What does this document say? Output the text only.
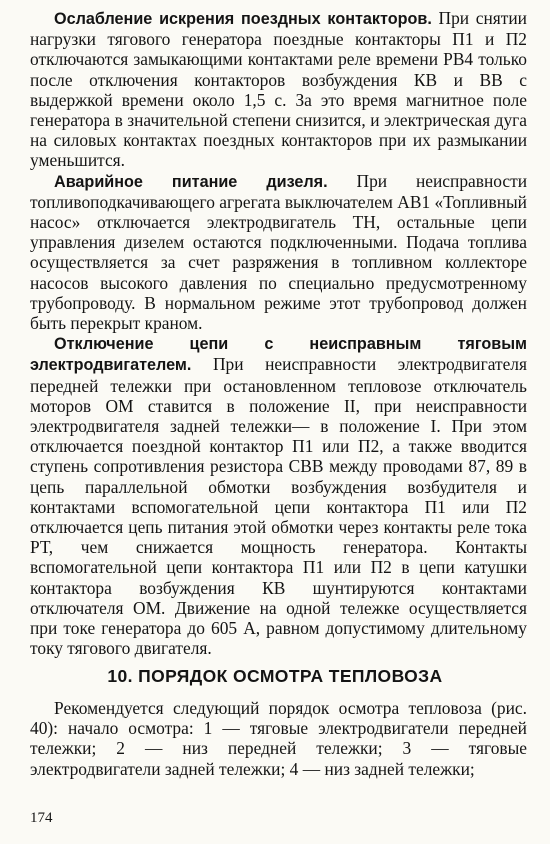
Ослабление искрения поездных контакторов. При снятии нагрузки тягового генератора поездные контакторы П1 и П2 отключаются замыкающими контактами реле времени РВ4 только после отключения контакторов возбуждения КВ и ВВ с выдержкой времени около 1,5 с. За это время магнитное поле генератора в значительной степени снизится, и электрическая дуга на силовых контактах поездных контакторов при их размыкании уменьшится.

Аварийное питание дизеля. При неисправности топливоподкачивающего агрегата выключателем АВ1 «Топливный насос» отключается электродвигатель ТН, остальные цепи управления дизелем остаются подключенными. Подача топлива осуществляется за счет разряжения в топливном коллекторе насосов высокого давления по специально предусмотренному трубопроводу. В нормальном режиме этот трубопровод должен быть перекрыт краном.

Отключение цепи с неисправным тяговым электродвигателем. При неисправности электродвигателя передней тележки при остановленном тепловозе отключатель моторов ОМ ставится в положение II, при неисправности электродвигателя задней тележки— в положение I. При этом отключается поездной контактор П1 или П2, а также вводится ступень сопротивления резистора СВВ между проводами 87, 89 в цепь параллельной обмотки возбуждения возбудителя и контактами вспомогательной цепи контактора П1 или П2 отключается цепь питания этой обмотки через контакты реле тока РТ, чем снижается мощность генератора. Контакты вспомогательной цепи контактора П1 или П2 в цепи катушки контактора возбуждения КВ шунтируются контактами отключателя ОМ. Движение на одной тележке осуществляется при токе генератора до 605 А, равном допустимому длительному току тягового двигателя.

10. ПОРЯДОК ОСМОТРА ТЕПЛОВОЗА

Рекомендуется следующий порядок осмотра тепловоза (рис. 40): начало осмотра: 1 — тяговые электродвигатели передней тележки; 2 — низ передней тележки; 3 — тяговые электродвигатели задней тележки; 4 — низ задней тележки;

174
